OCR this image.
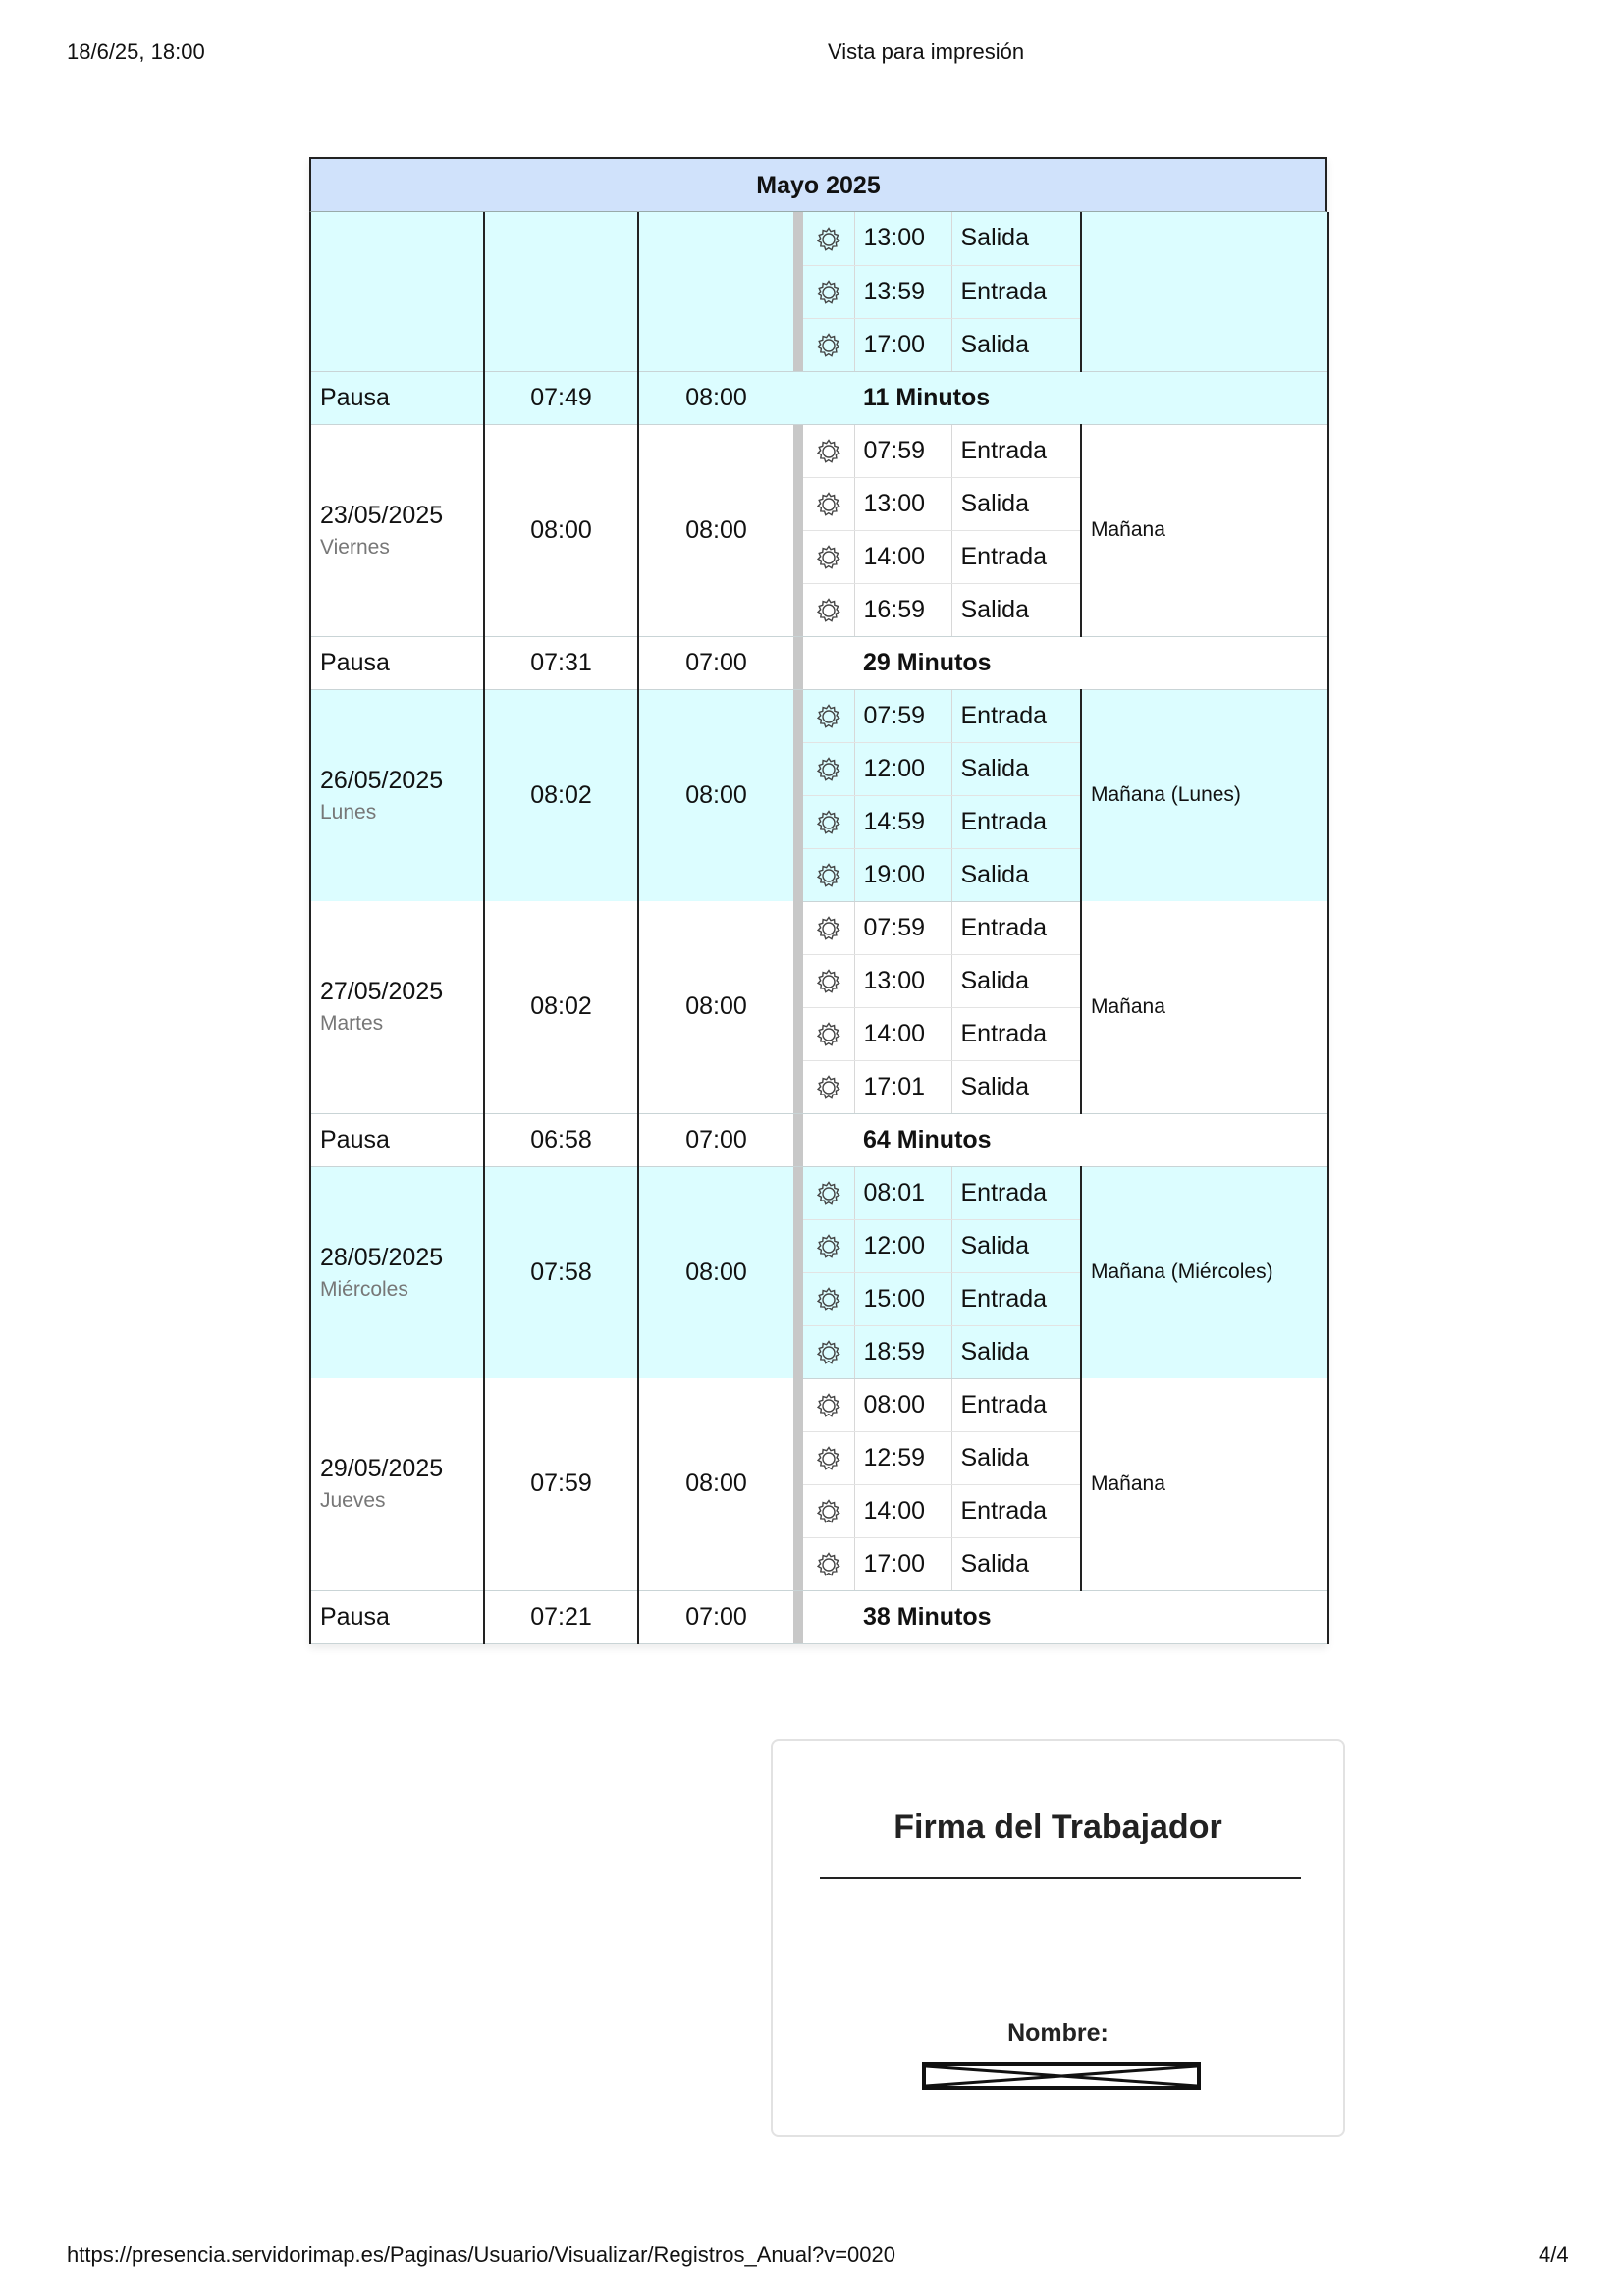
18/6/25, 18:00	Vista para impresión
Mayo 2025
					13:00	Salida	
	13:59	Entrada	
	17:00	Salida	
Pausa	07:49	08:00			11 Minutos		

23/05/2025
Viernes	08:00	08:00			07:59	Entrada	Mañana
	13:00	Salida	
	14:00	Entrada	
	16:59	Salida	
Pausa	07:31	07:00			29 Minutos		

26/05/2025
Lunes	08:02	08:00			07:59	Entrada	Mañana (Lunes)
	12:00	Salida	
	14:59	Entrada	
	19:00	Salida	

27/05/2025
Martes	08:02	08:00			07:59	Entrada	Mañana
	13:00	Salida	
	14:00	Entrada	
	17:01	Salida	
Pausa	06:58	07:00			64 Minutos		

28/05/2025
Miércoles	07:58	08:00			08:01	Entrada	Mañana (Miércoles)
	12:00	Salida	
	15:00	Entrada	
	18:59	Salida	

29/05/2025
Jueves	07:59	08:00			08:00	Entrada	Mañana
	12:59	Salida	
	14:00	Entrada	
	17:00	Salida	
Pausa	07:21	07:00			38 Minutos		
Firma del Trabajador
Nombre:
https://presencia.servidorimap.es/Paginas/Usuario/Visualizar/Registros_Anual?v=0020	4/4
